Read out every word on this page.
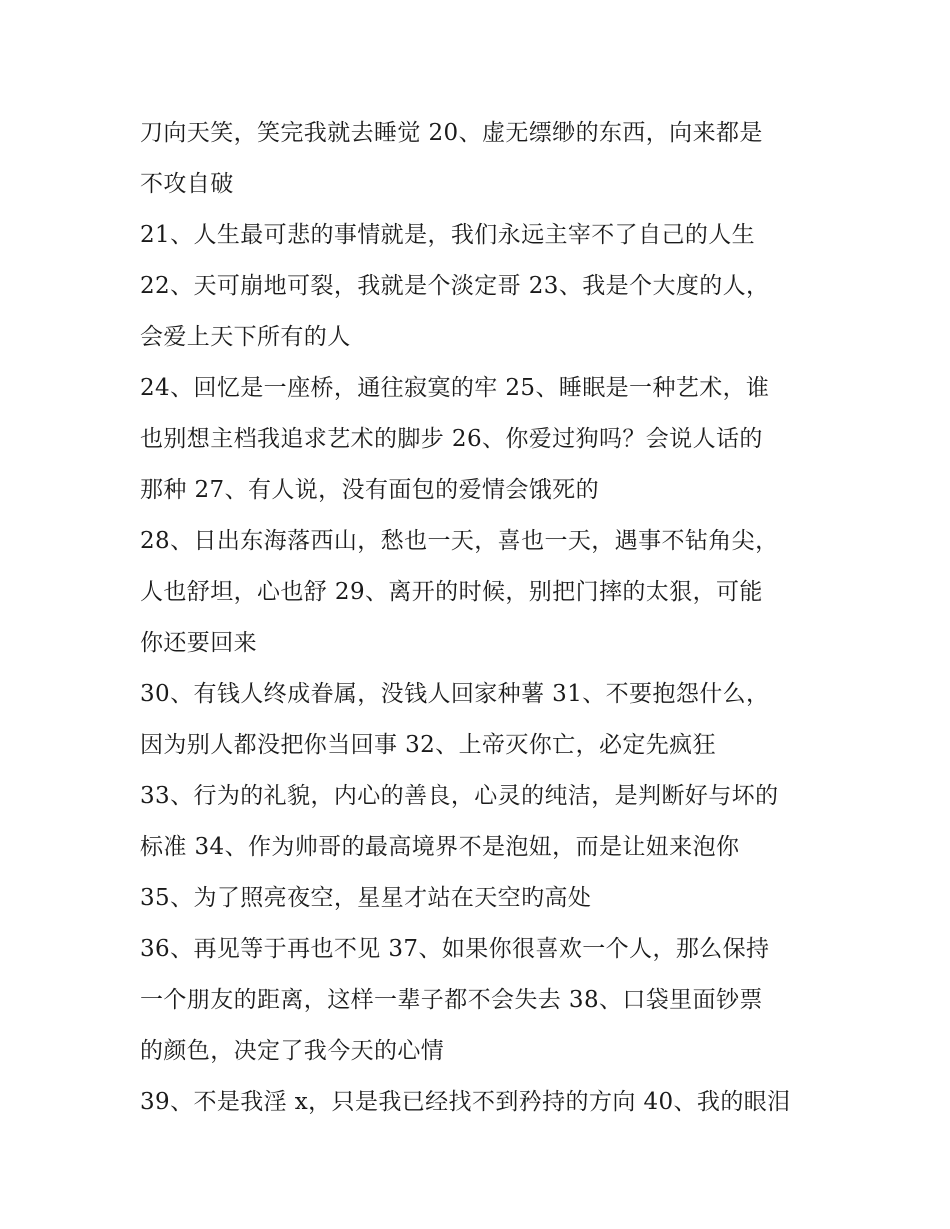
刀向天笑，笑完我就去睡觉 20、虚无缥缈的东西，向来都是
不攻自破
21、人生最可悲的事情就是，我们永远主宰不了自己的人生
22、天可崩地可裂，我就是个淡定哥 23、我是个大度的人，
会爱上天下所有的人
24、回忆是一座桥，通往寂寞的牢 25、睡眠是一种艺术，谁
也别想主档我追求艺术的脚步 26、你爱过狗吗？会说人话的
那种 27、有人说，没有面包的爱情会饿死的
28、日出东海落西山，愁也一天，喜也一天，遇事不钻角尖，
人也舒坦，心也舒 29、离开的时候，别把门摔的太狠，可能
你还要回来
30、有钱人终成眷属，没钱人回家种薯 31、不要抱怨什么，
因为别人都没把你当回事 32、上帝灭你亡，必定先疯狂
33、行为的礼貌，内心的善良，心灵的纯洁，是判断好与坏的
标准 34、作为帅哥的最高境界不是泡妞，而是让妞来泡你
35、为了照亮夜空，星星才站在天空旳高处
36、再见等于再也不见 37、如果你很喜欢一个人，那么保持
一个朋友的距离，这样一辈子都不会失去 38、口袋里面钞票
的颜色，决定了我今天的心情
39、不是我淫 x，只是我已经找不到矜持的方向 40、我的眼泪
